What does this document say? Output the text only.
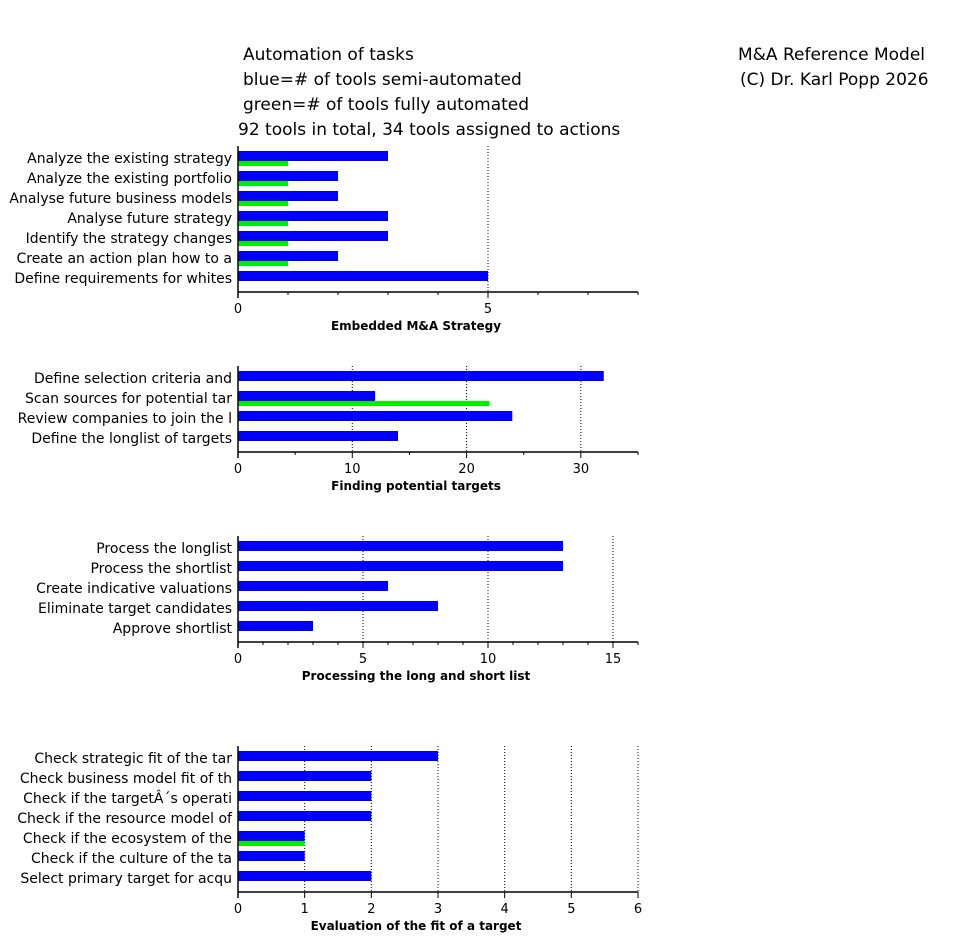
Automation of tasks
blue=# of tools semi-automated
green=# of tools fully automated
92 tools in total, 34 tools assigned to actions
M&A Reference Model
(C) Dr. Karl Popp 2026
Analyze the existing strategy
Analyze the existing portfolio
Analyse future business models
Analyse future strategy
Identify the strategy changes
Create an action plan how to a
Define requirements for whites
0	5
Embedded M&A Strategy
Define selection criteria and
Scan sources for potential tar
Review companies to join the l
Define the longlist of targets
0	10	20	30
Finding potential targets
Process the longlist
Process the shortlist
Create indicative valuations
Eliminate target candidates
Approve shortlist
0	5	10	15
Processing the long and short list
Check strategic fit of the tar
Check business model fit of th
Check if the targetÂ´s operati
Check if the resource model of
Check if the ecosystem of the
Check if the culture of the ta
Select primary target for acqu
0	1	2	3	4	5	6
Evaluation of the fit of a target
